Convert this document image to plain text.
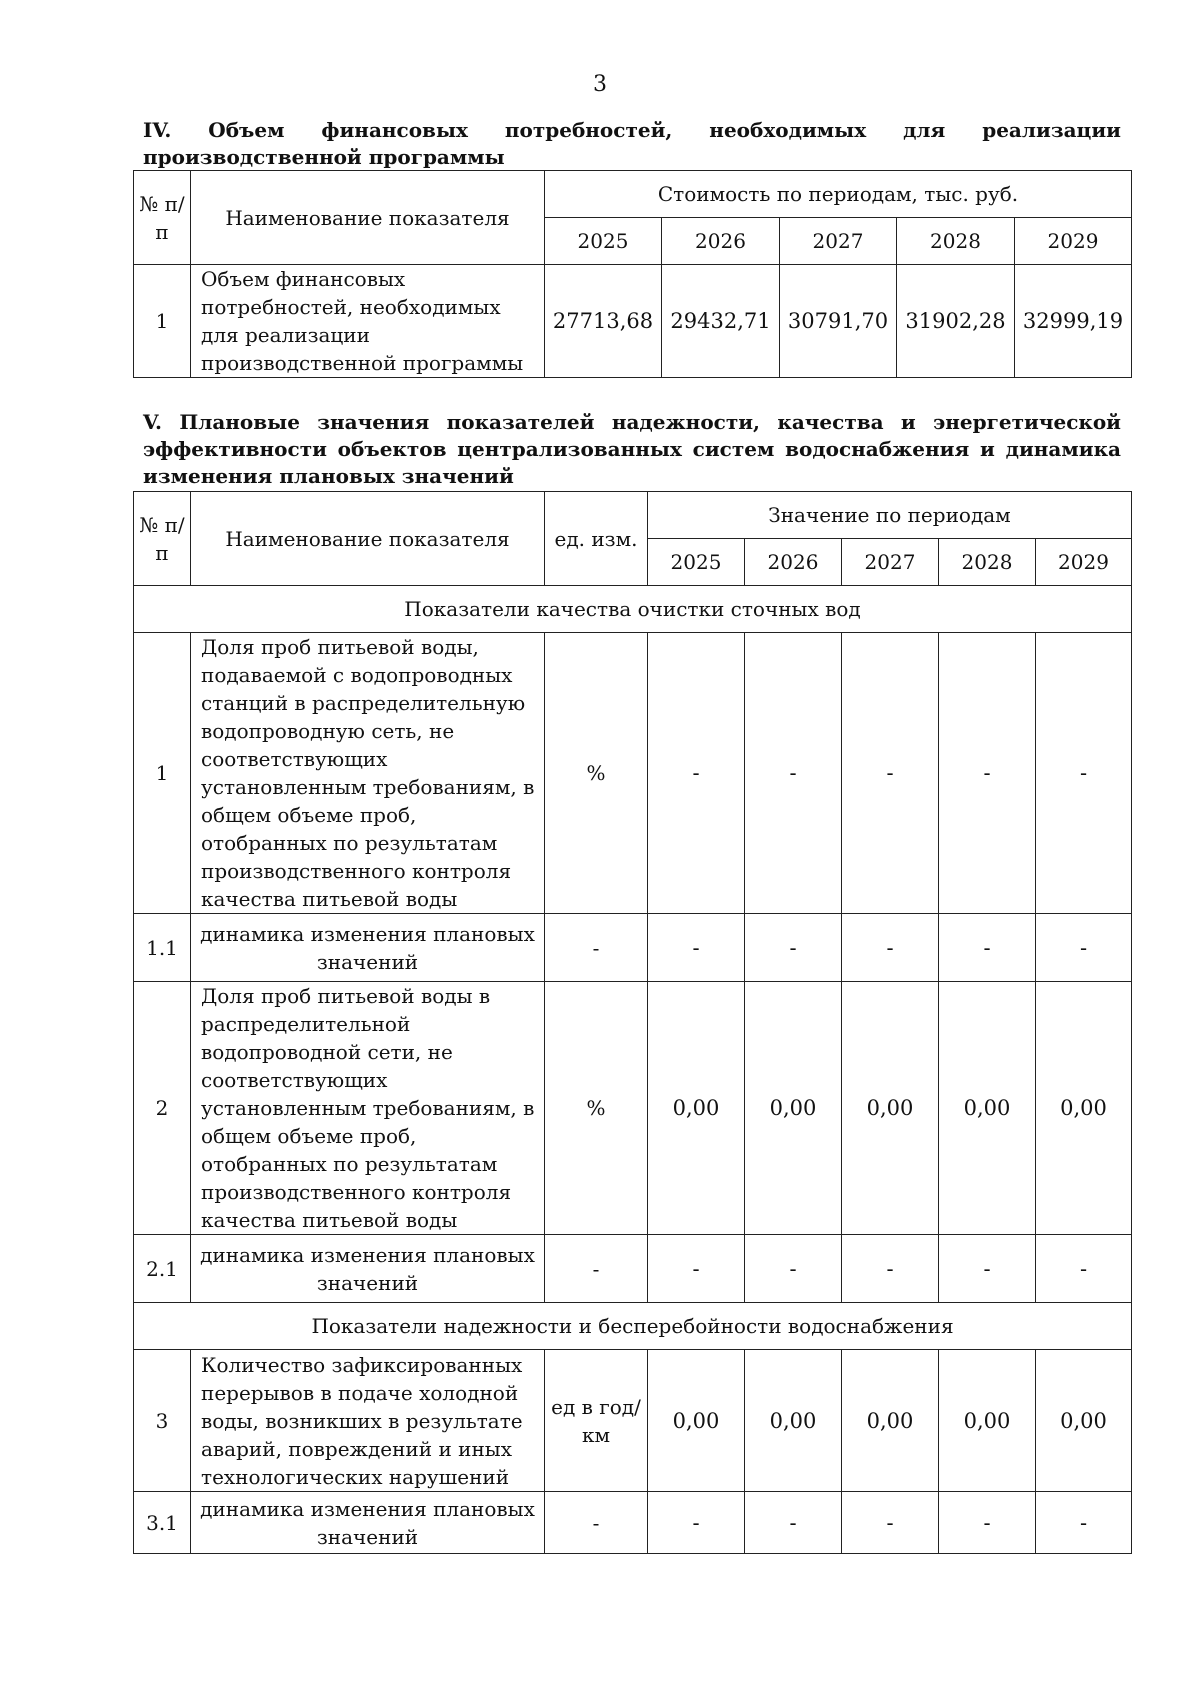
3

IV. Объем финансовых потребностей, необходимых для реализации производственной программы

№ п/п	Наименование показателя	Стоимость по периодам, тыс. руб.				
		2025	2026	2027	2028	2029
1	Объем финансовых потребностей, необходимых для реализации производственной программы	27713,68	29432,71	30791,70	31902,28	32999,19

V. Плановые значения показателей надежности, качества и энергетической эффективности объектов централизованных систем водоснабжения и динамика изменения плановых значений

№ п/п	Наименование показателя	ед. изм.	Значение по периодам				
			2025	2026	2027	2028	2029
Показатели качества очистки сточных вод							
1	Доля проб питьевой воды, подаваемой с водопроводных станций в распределительную водопроводную сеть, не соответствующих установленным требованиям, в общем объеме проб, отобранных по результатам производственного контроля качества питьевой воды	%	-	-	-	-	-
1.1	динамика изменения плановых значений	-	-	-	-	-	-
2	Доля проб питьевой воды в распределительной водопроводной сети, не соответствующих установленным требованиям, в общем объеме проб, отобранных по результатам производственного контроля качества питьевой воды	%	0,00	0,00	0,00	0,00	0,00
2.1	динамика изменения плановых значений	-	-	-	-	-	-
Показатели надежности и бесперебойности водоснабжения							
3	Количество зафиксированных перерывов в подаче холодной воды, возникших в результате аварий, повреждений и иных технологических нарушений	ед в год/ км	0,00	0,00	0,00	0,00	0,00
3.1	динамика изменения плановых значений	-	-	-	-	-	-
